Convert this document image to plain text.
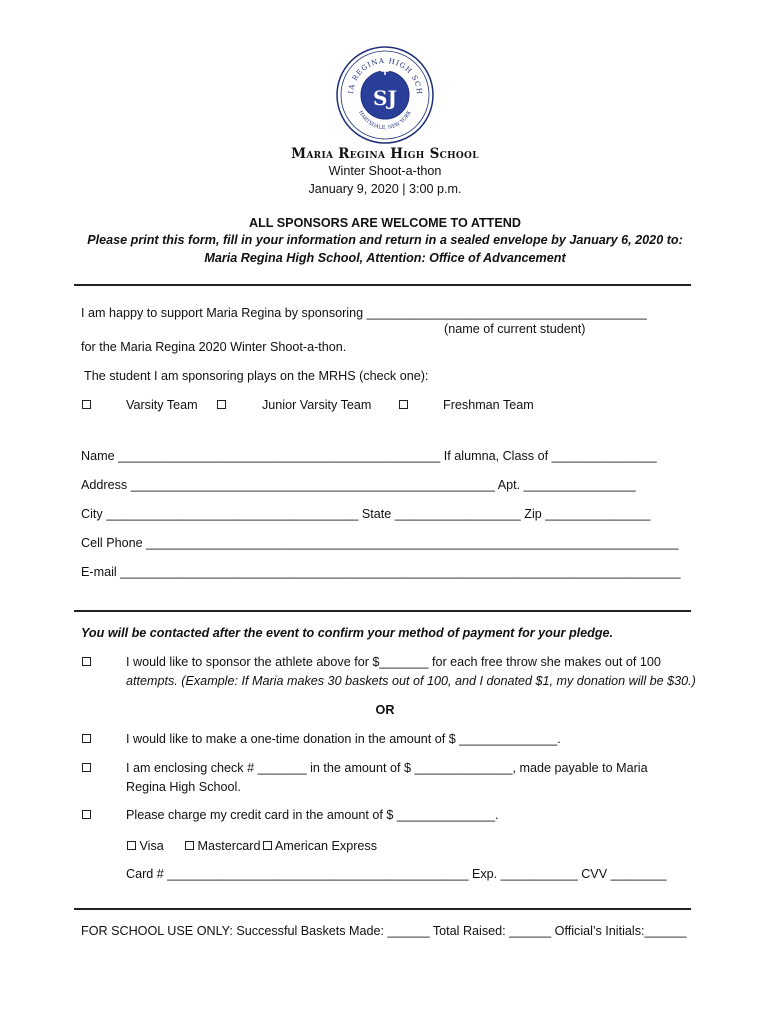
IA REGINA HIGH SCH
HARTSDALE, NEW YORK
SJ
Maria Regina High School
Winter Shoot-a-thon
January 9, 2020 | 3:00 p.m.
ALL SPONSORS ARE WELCOME TO ATTEND
Please print this form, fill in your information and return in a sealed envelope by January 6, 2020 to:
Maria Regina High School, Attention: Office of Advancement
I am happy to support Maria Regina by sponsoring ________________________________________
(name of current student)
for the Maria Regina 2020 Winter Shoot-a-thon.
The student I am sponsoring plays on the MRHS (check one):
Varsity Team	Junior Varsity Team	Freshman Team
Name ______________________________________________ If alumna, Class of _______________
Address ____________________________________________________ Apt. ________________
City ____________________________________ State __________________ Zip _______________
Cell Phone ____________________________________________________________________________
E-mail ________________________________________________________________________________
You will be contacted after the event to confirm your method of payment for your pledge.
I would like to sponsor the athlete above for $_______ for each free throw she makes out of 100
attempts. (Example: If Maria makes 30 baskets out of 100, and I donated $1, my donation will be $30.)
OR
I would like to make a one-time donation in the amount of $ ______________.
I am enclosing check # _______ in the amount of $ ______________, made payable to Maria
Regina High School.
Please charge my credit card in the amount of $ ______________.
Visa	Mastercard	American Express
Card # ___________________________________________ Exp. ___________ CVV ________
FOR SCHOOL USE ONLY: Successful Baskets Made: ______ Total Raised: ______ Official’s Initials:______
